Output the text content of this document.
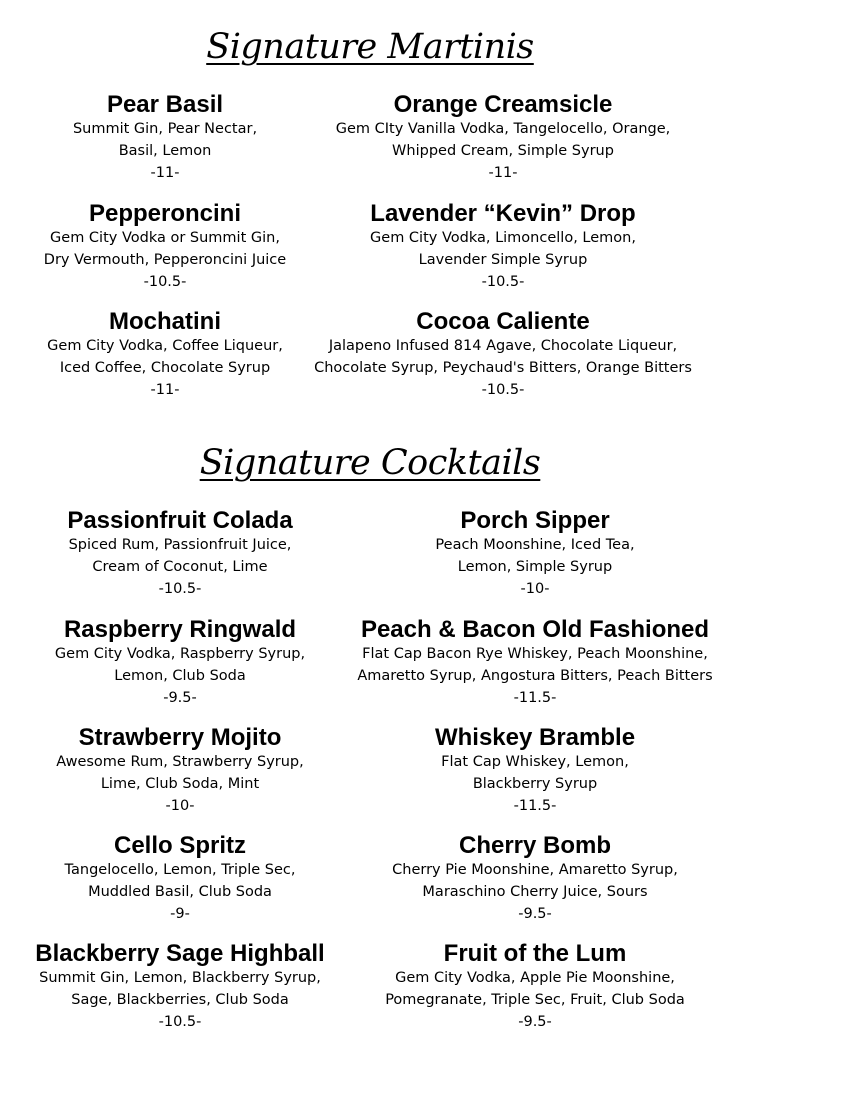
Signature Martinis
Signature Cocktails
Pear Basil
Summit Gin, Pear Nectar,
Basil, Lemon
-11-
Orange Creamsicle
Gem CIty Vanilla Vodka, Tangelocello, Orange,
Whipped Cream, Simple Syrup
-11-
Pepperoncini
Gem City Vodka or Summit Gin,
Dry Vermouth, Pepperoncini Juice
-10.5-
Lavender “Kevin” Drop
Gem City Vodka, Limoncello, Lemon,
Lavender Simple Syrup
-10.5-
Mochatini
Gem City Vodka, Coffee Liqueur,
Iced Coffee, Chocolate Syrup
-11-
Cocoa Caliente
Jalapeno Infused 814 Agave, Chocolate Liqueur,
Chocolate Syrup, Peychaud's Bitters, Orange Bitters
-10.5-
Passionfruit Colada
Spiced Rum, Passionfruit Juice,
Cream of Coconut, Lime
-10.5-
Porch Sipper
Peach Moonshine, Iced Tea,
Lemon, Simple Syrup
-10-
Raspberry Ringwald
Gem City Vodka, Raspberry Syrup,
Lemon, Club Soda
-9.5-
Peach & Bacon Old Fashioned
Flat Cap Bacon Rye Whiskey, Peach Moonshine,
Amaretto Syrup, Angostura Bitters, Peach Bitters
-11.5-
Strawberry Mojito
Awesome Rum, Strawberry Syrup,
Lime, Club Soda, Mint
-10-
Whiskey Bramble
Flat Cap Whiskey, Lemon,
Blackberry Syrup
-11.5-
Cello Spritz
Tangelocello, Lemon, Triple Sec,
Muddled Basil, Club Soda
-9-
Cherry Bomb
Cherry Pie Moonshine, Amaretto Syrup,
Maraschino Cherry Juice, Sours
-9.5-
Blackberry Sage Highball
Summit Gin, Lemon, Blackberry Syrup,
Sage, Blackberries, Club Soda
-10.5-
Fruit of the Lum
Gem City Vodka, Apple Pie Moonshine,
Pomegranate, Triple Sec, Fruit, Club Soda
-9.5-
